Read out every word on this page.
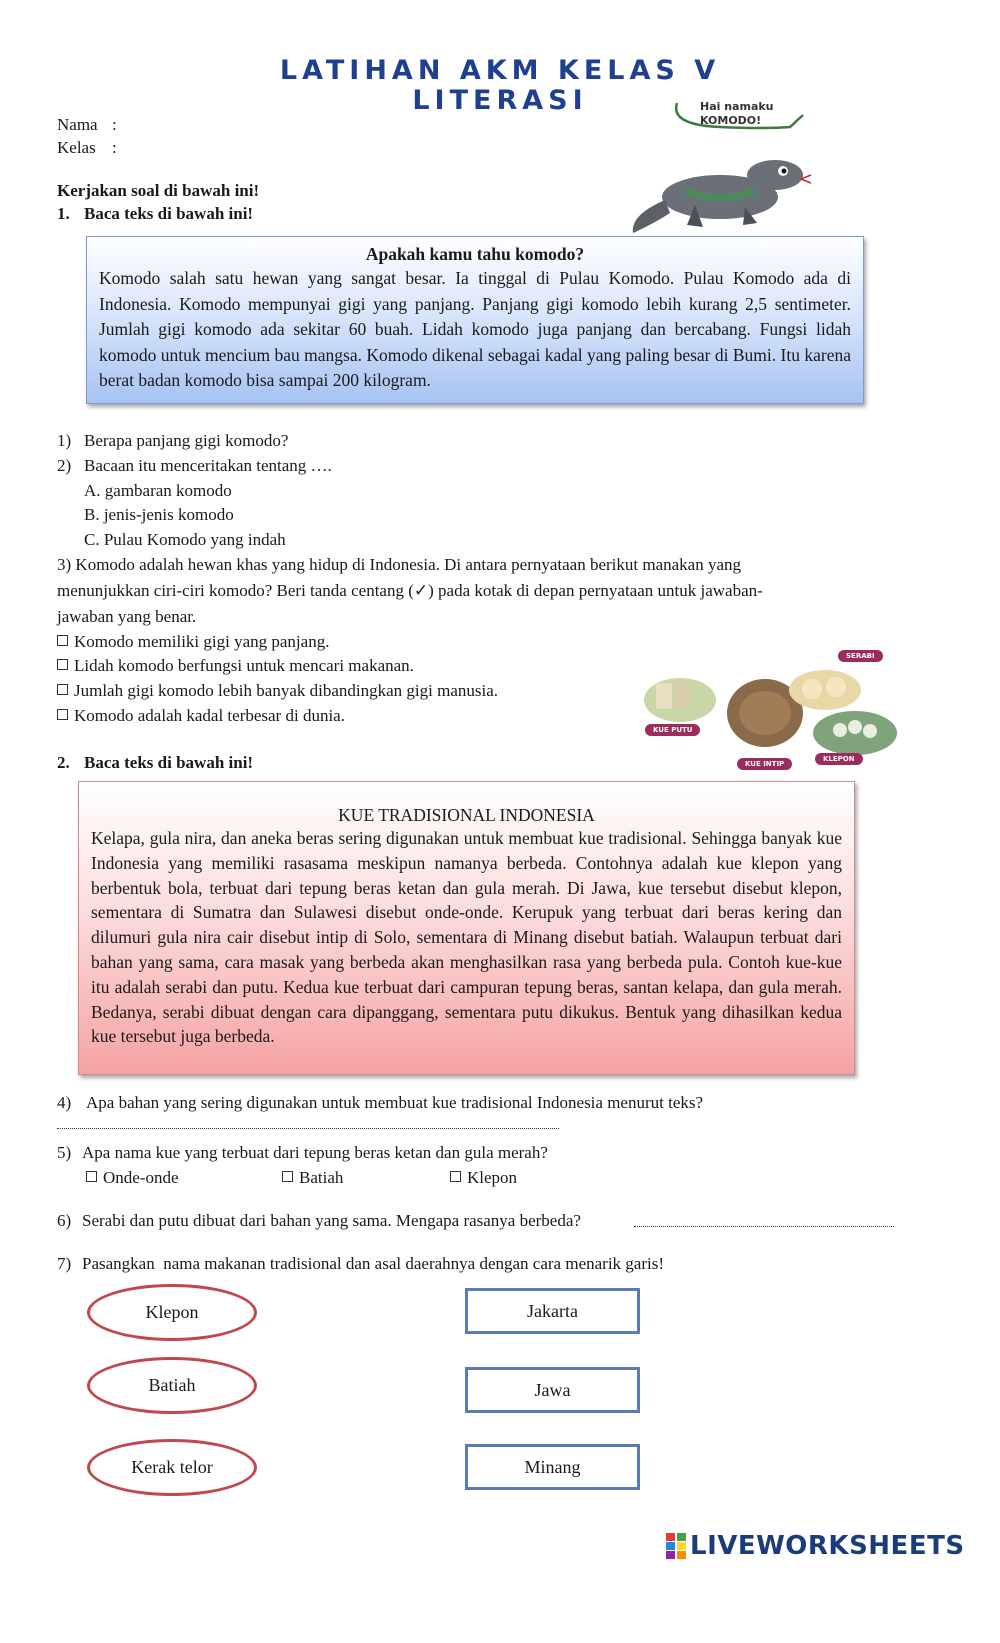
LATIHAN AKM KELAS V
LITERASI
Nama :
Kelas :
Hai namaku KOMODO!
Kerjakan soal di bawah ini!
1. Baca teks di bawah ini!
Apakah kamu tahu komodo?
Komodo salah satu hewan yang sangat besar. Ia tinggal di Pulau Komodo. Pulau Komodo ada di Indonesia. Komodo mempunyai gigi yang panjang. Panjang gigi komodo lebih kurang 2,5 sentimeter. Jumlah gigi komodo ada sekitar 60 buah. Lidah komodo juga panjang dan bercabang. Fungsi lidah komodo untuk mencium bau mangsa. Komodo dikenal sebagai kadal yang paling besar di Bumi. Itu karena berat badan komodo bisa sampai 200 kilogram.
1) Berapa panjang gigi komodo?
2) Bacaan itu menceritakan tentang ….
A. gambaran komodo
B. jenis-jenis komodo
C. Pulau Komodo yang indah
3) Komodo adalah hewan khas yang hidup di Indonesia. Di antara pernyataan berikut manakan yang
menunjukkan ciri-ciri komodo? Beri tanda centang (✓) pada kotak di depan pernyataan untuk jawaban-
jawaban yang benar.
Komodo memiliki gigi yang panjang.
Lidah komodo berfungsi untuk mencari makanan.
Jumlah gigi komodo lebih banyak dibandingkan gigi manusia.
Komodo adalah kadal terbesar di dunia.
SERABI
KUE PUTU
KUE INTIP
KLEPON
2. Baca teks di bawah ini!
KUE TRADISIONAL INDONESIA
Kelapa, gula nira, dan aneka beras sering digunakan untuk membuat kue tradisional. Sehingga banyak kue Indonesia yang memiliki rasasama meskipun namanya berbeda. Contohnya adalah kue klepon yang berbentuk bola, terbuat dari tepung beras ketan dan gula merah. Di Jawa, kue tersebut disebut klepon, sementara di Sumatra dan Sulawesi disebut onde-onde. Kerupuk yang terbuat dari beras kering dan dilumuri gula nira cair disebut intip di Solo, sementara di Minang disebut batiah. Walaupun terbuat dari bahan yang sama, cara masak yang berbeda akan menghasilkan rasa yang berbeda pula. Contoh kue-kue itu adalah serabi dan putu. Kedua kue terbuat dari campuran tepung beras, santan kelapa, dan gula merah. Bedanya, serabi dibuat dengan cara dipanggang, sementara putu dikukus. Bentuk yang dihasilkan kedua kue tersebut juga berbeda.
4) Apa bahan yang sering digunakan untuk membuat kue tradisional Indonesia menurut teks?
5) Apa nama kue yang terbuat dari tepung beras ketan dan gula merah?
Onde-onde	Batiah	Klepon
6) Serabi dan putu dibuat dari bahan yang sama. Mengapa rasanya berbeda?
7) Pasangkan  nama makanan tradisional dan asal daerahnya dengan cara menarik garis!
Klepon
Batiah
Kerak telor
Jakarta
Jawa
Minang
LIVEWORKSHEETS
